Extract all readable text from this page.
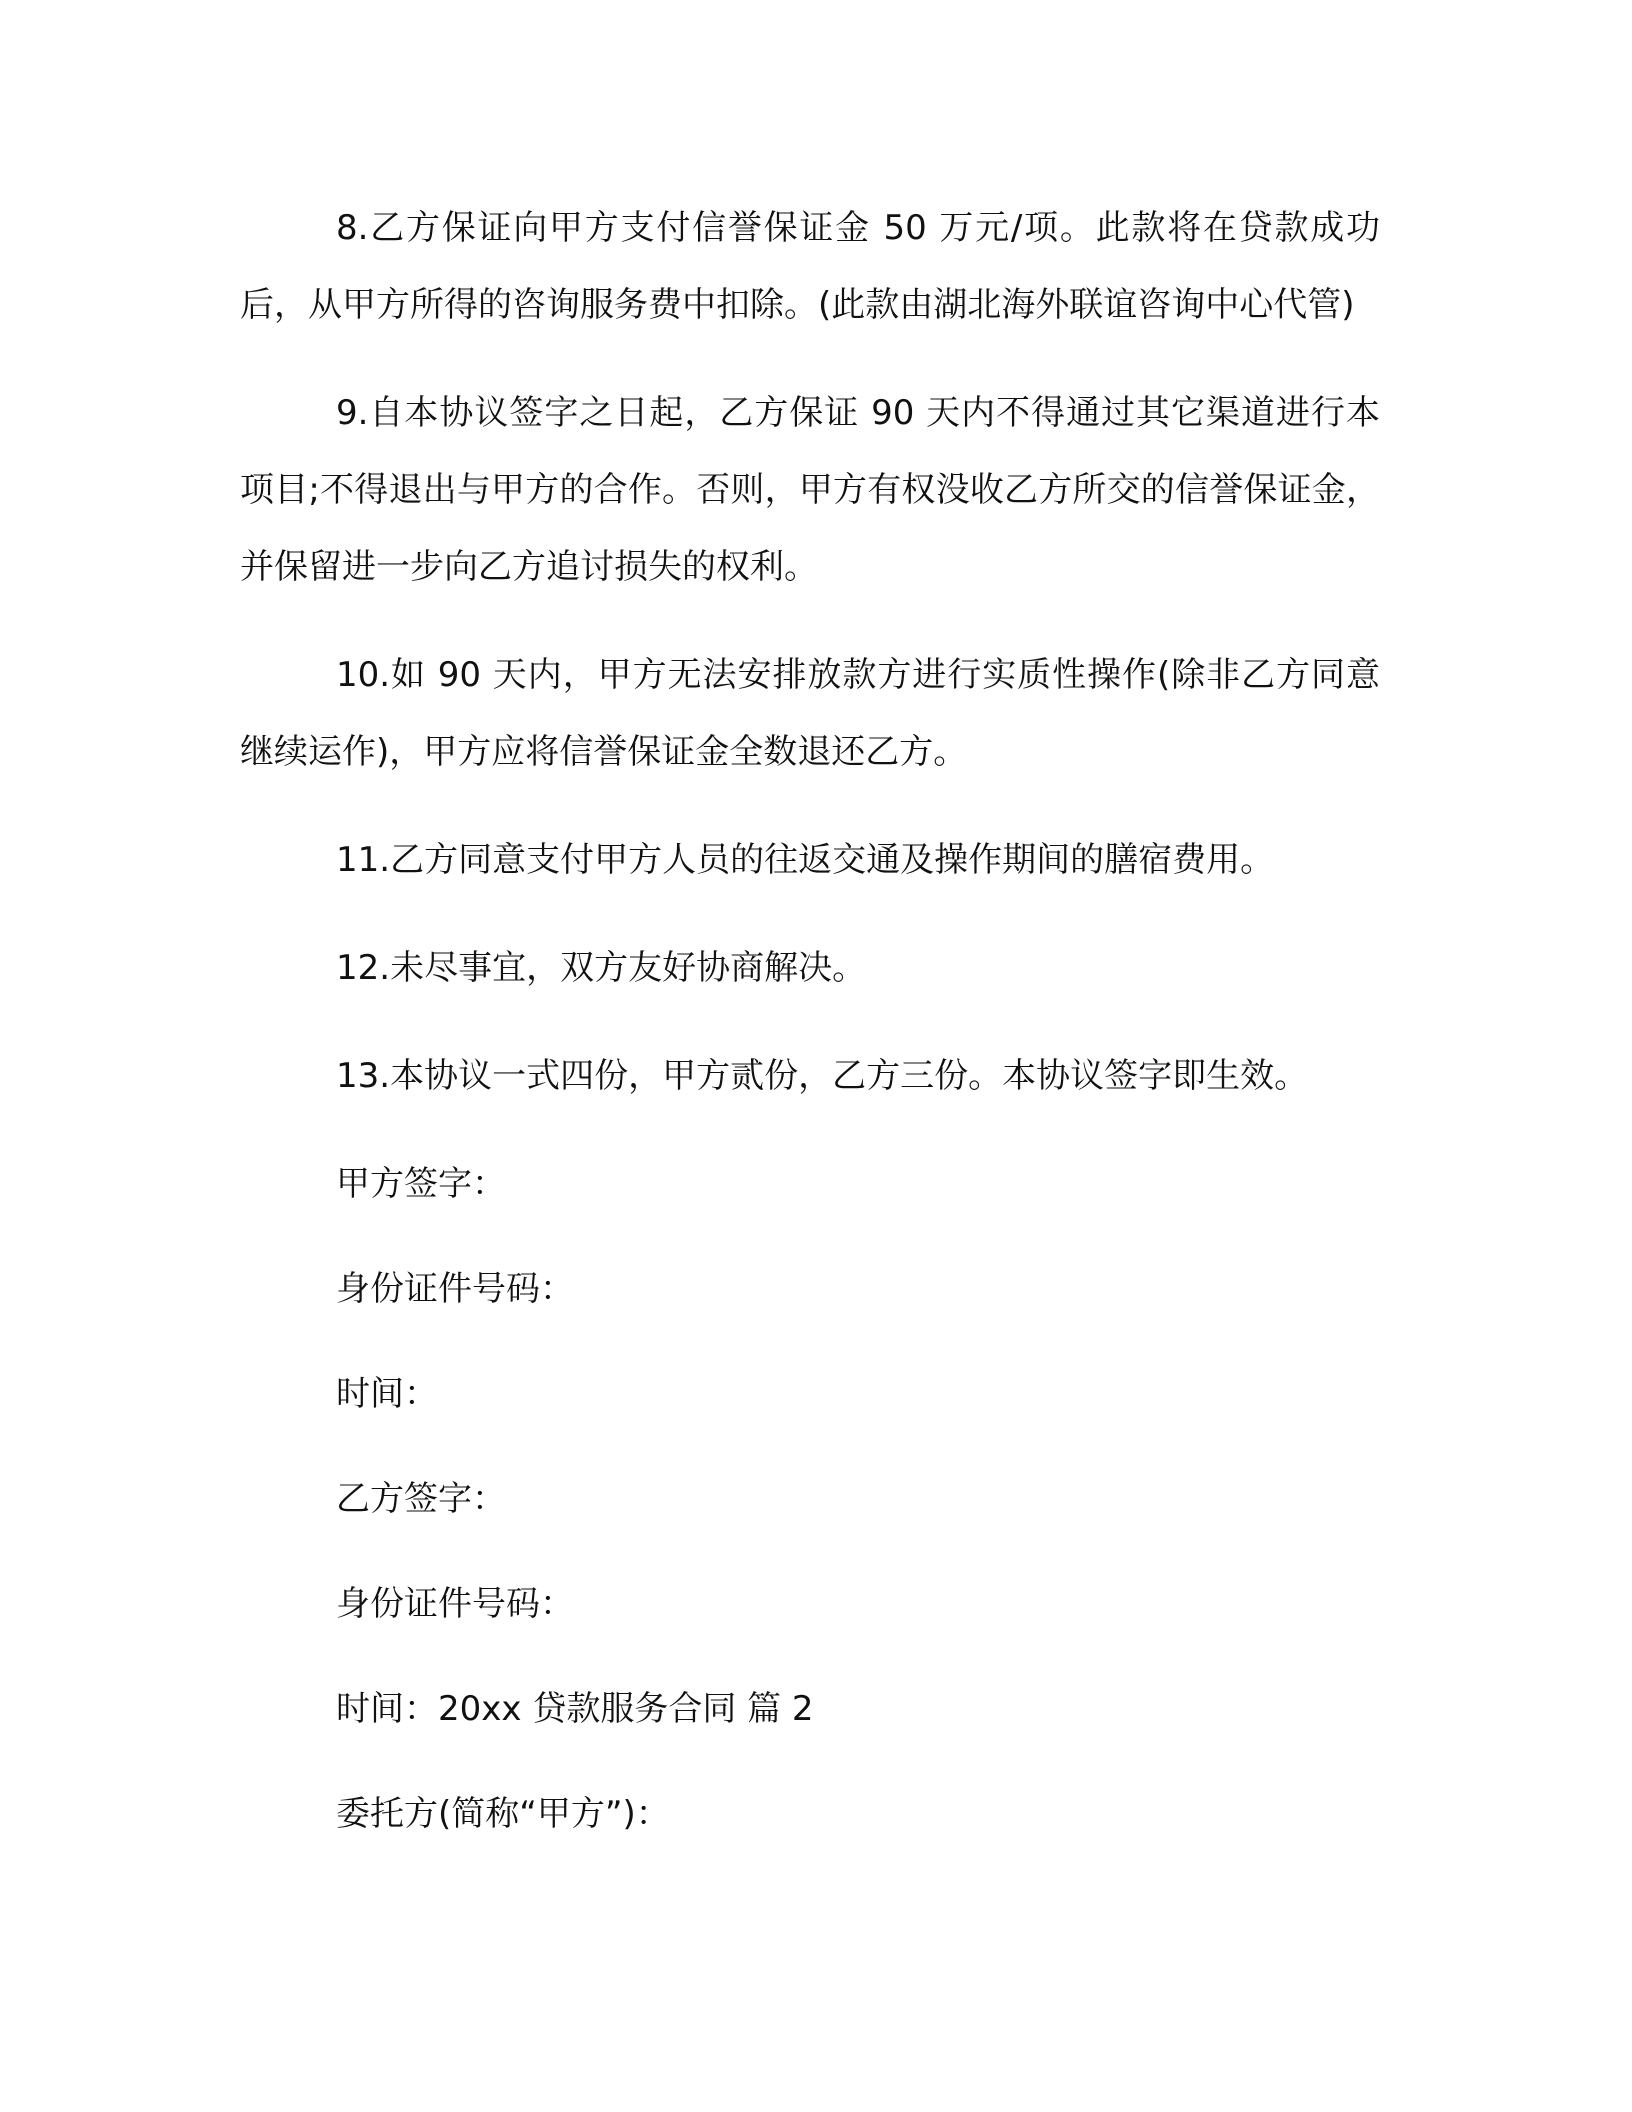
8.乙方保证向甲方支付信誉保证金 50 万元/项。此款将在贷款成功后，从甲方所得的咨询服务费中扣除。(此款由湖北海外联谊咨询中心代管)

9.自本协议签字之日起，乙方保证 90 天内不得通过其它渠道进行本项目;不得退出与甲方的合作。否则，甲方有权没收乙方所交的信誉保证金，并保留进一步向乙方追讨损失的权利。

10.如 90 天内，甲方无法安排放款方进行实质性操作(除非乙方同意继续运作)，甲方应将信誉保证金全数退还乙方。

11.乙方同意支付甲方人员的往返交通及操作期间的膳宿费用。

12.未尽事宜，双方友好协商解决。

13.本协议一式四份，甲方贰份，乙方三份。本协议签字即生效。

甲方签字：
身份证件号码：
时间：
乙方签字：
身份证件号码：
时间：20xx 贷款服务合同 篇 2
委托方(简称“甲方”)：
